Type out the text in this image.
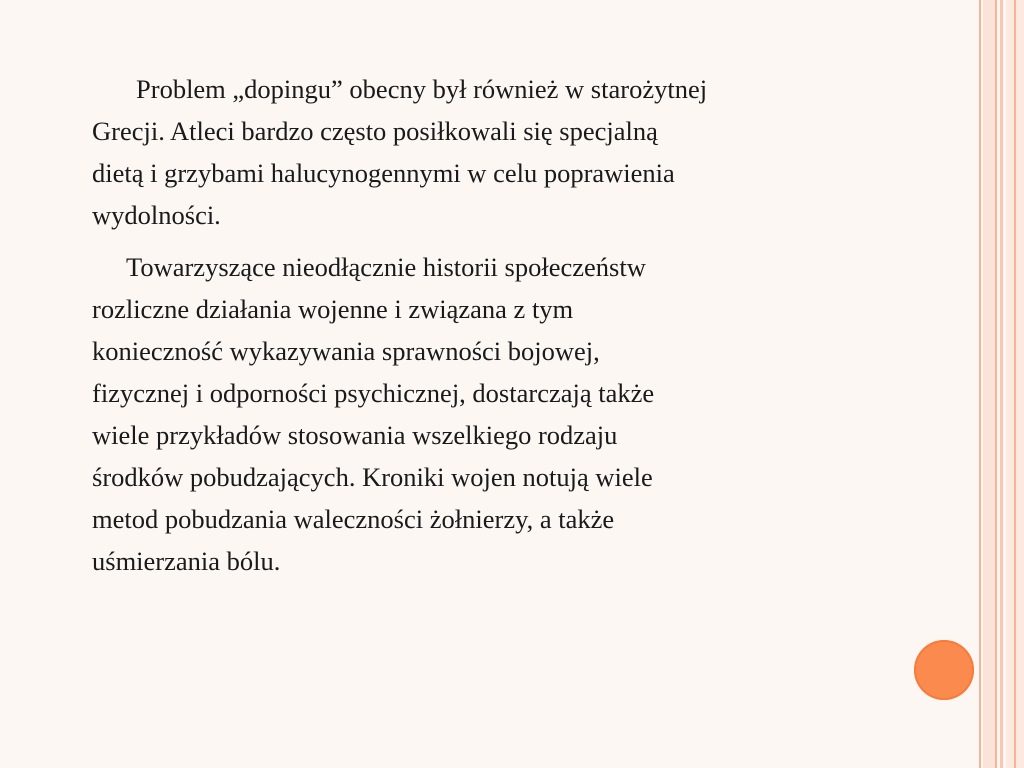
Problem „dopingu” obecny był również w starożytnej
Grecji. Atleci bardzo często posiłkowali się specjalną
dietą i grzybami halucynogennymi w celu poprawienia
wydolności.

Towarzyszące nieodłącznie historii społeczeństw
rozliczne działania wojenne i związana z tym
konieczność wykazywania sprawności bojowej,
fizycznej i odporności psychicznej, dostarczają także
wiele przykładów stosowania wszelkiego rodzaju
środków pobudzających. Kroniki wojen notują wiele
metod pobudzania waleczności żołnierzy, a także
uśmierzania bólu.
